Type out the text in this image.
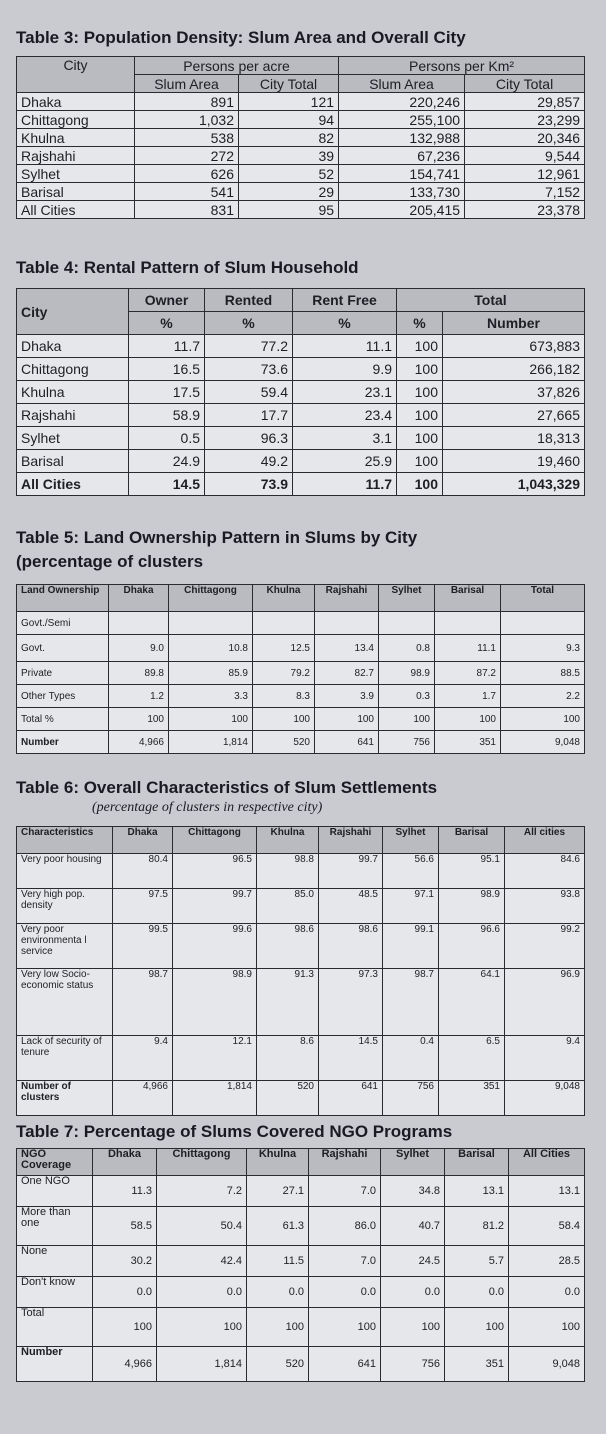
Table 3: Population Density: Slum Area and Overall City
City	Persons per acre		Persons per Km²	
	Slum Area	City Total	Slum Area	City Total
Dhaka	891	121	220,246	29,857
Chittagong	1,032	94	255,100	23,299
Khulna	538	82	132,988	20,346
Rajshahi	272	39	67,236	9,544
Sylhet	626	52	154,741	12,961
Barisal	541	29	133,730	7,152
All Cities	831	95	205,415	23,378
Table 4: Rental Pattern of Slum Household
City	Owner	Rented	Rent Free	Total	
	%	%	%	%	Number
Dhaka	11.7	77.2	11.1	100	673,883
Chittagong	16.5	73.6	9.9	100	266,182
Khulna	17.5	59.4	23.1	100	37,826
Rajshahi	58.9	17.7	23.4	100	27,665
Sylhet	0.5	96.3	3.1	100	18,313
Barisal	24.9	49.2	25.9	100	19,460
All Cities	14.5	73.9	11.7	100	1,043,329
Table 5: Land Ownership Pattern in Slums by City
(percentage of clusters
Land Ownership	Dhaka	Chittagong	Khulna	Rajshahi	Sylhet	Barisal	Total
Govt./Semi							
Govt.	9.0	10.8	12.5	13.4	0.8	11.1	9.3
Private	89.8	85.9	79.2	82.7	98.9	87.2	88.5
Other Types	1.2	3.3	8.3	3.9	0.3	1.7	2.2
Total %	100	100	100	100	100	100	100
Number	4,966	1,814	520	641	756	351	9,048
Table 6: Overall Characteristics of Slum Settlements
(percentage of clusters in respective city)
Characteristics	Dhaka	Chittagong	Khulna	Rajshahi	Sylhet	Barisal	All cities
Very poor housing	80.4	96.5	98.8	99.7	56.6	95.1	84.6
Very high pop. density	97.5	99.7	85.0	48.5	97.1	98.9	93.8
Very poor environmenta l service	99.5	99.6	98.6	98.6	99.1	96.6	99.2
Very low Socio-economic status	98.7	98.9	91.3	97.3	98.7	64.1	96.9
Lack of security of tenure	9.4	12.1	8.6	14.5	0.4	6.5	9.4
Number of clusters	4,966	1,814	520	641	756	351	9,048
Table 7: Percentage of Slums Covered NGO Programs
NGO Coverage	Dhaka	Chittagong	Khulna	Rajshahi	Sylhet	Barisal	All Cities
One NGO	11.3	7.2	27.1	7.0	34.8	13.1	13.1
More than one	58.5	50.4	61.3	86.0	40.7	81.2	58.4
None	30.2	42.4	11.5	7.0	24.5	5.7	28.5
Don't know	0.0	0.0	0.0	0.0	0.0	0.0	0.0
Total	100	100	100	100	100	100	100
Number	4,966	1,814	520	641	756	351	9,048
